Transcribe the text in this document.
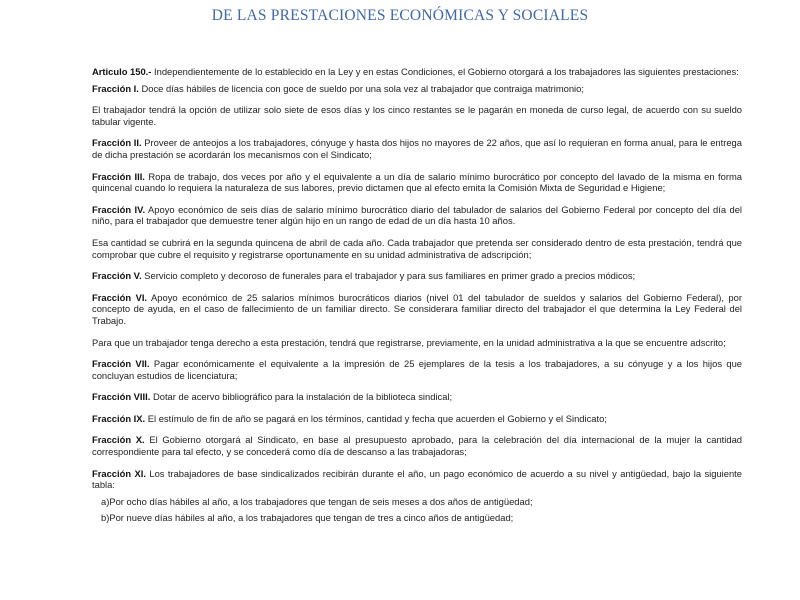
DE LAS PRESTACIONES ECONÓMICAS Y SOCIALES

Articulo 150.- Independientemente de lo establecido en la Ley y en estas Condiciones, el Gobierno otorgará a los trabajadores las siguientes prestaciones:

Fracción I. Doce días hábiles de licencia con goce de sueldo por una sola vez al trabajador que contraiga matrimonio;

El trabajador tendrá la opción de utilizar solo siete de esos días y los cinco restantes se le pagarán en moneda de curso legal, de acuerdo con su sueldo tabular vigente.

Fracción II. Proveer de anteojos a los trabajadores, cónyuge y hasta dos hijos no mayores de 22 años, que así lo requieran en forma anual, para le entrega de dicha prestación se acordarán los mecanismos con el Sindicato;

Fracción III. Ropa de trabajo, dos veces por año y el equivalente a un día de salario mínimo burocrático por concepto del lavado de la misma en forma quincenal cuando lo requiera la naturaleza de sus labores, previo dictamen que al efecto emita la Comisión Mixta de Seguridad e Higiene;

Fracción IV. Apoyo económico de seis días de salario mínimo burocrático diario del tabulador de salarios del Gobierno Federal por concepto del día del niño, para el trabajador que demuestre tener algún hijo en un rango de edad de un día hasta 10 años.

Esa cantidad se cubrirá en la segunda quincena de abril de cada año. Cada trabajador que pretenda ser considerado dentro de esta prestación, tendrá que comprobar que cubre el requisito y registrarse oportunamente en su unidad administrativa de adscripción;

Fracción V. Servicio completo y decoroso de funerales para el trabajador y para sus familiares en primer grado a precios módicos;

Fracción VI. Apoyo económico de 25 salarios mínimos burocráticos diarios (nivel 01 del tabulador de sueldos y salarios del Gobierno Federal), por concepto de ayuda, en el caso de fallecimiento de un familiar directo. Se considerara familiar directo del trabajador el que determina la Ley Federal del Trabajo.

Para que un trabajador tenga derecho a esta prestación, tendrá que registrarse, previamente, en la unidad administrativa a la que se encuentre adscrito;

Fracción VII. Pagar económicamente el equivalente a la impresión de 25 ejemplares de la tesis a los trabajadores, a su cónyuge y a los hijos que concluyan estudios de licenciatura;

Fracción VIII. Dotar de acervo bibliográfico para la instalación de la biblioteca sindical;

Fracción IX. El estímulo de fin de año se pagará en los términos, cantidad y fecha que acuerden el Gobierno y el Sindicato;

Fracción X. El Gobierno otorgará al Sindicato, en base al presupuesto aprobado, para la celebración del día internacional de la mujer la cantidad correspondiente para tal efecto, y se concederá como día de descanso a las trabajadoras;

Fracción XI. Los trabajadores de base sindicalizados recibirán durante el año, un pago económico de acuerdo a su nivel y antigüedad, bajo la siguiente tabla:

a)Por ocho días hábiles al año, a los trabajadores que tengan de seis meses a dos años de antigüedad;
b)Por nueve días hábiles al año, a los trabajadores que tengan de tres a cinco años de antigüedad;
